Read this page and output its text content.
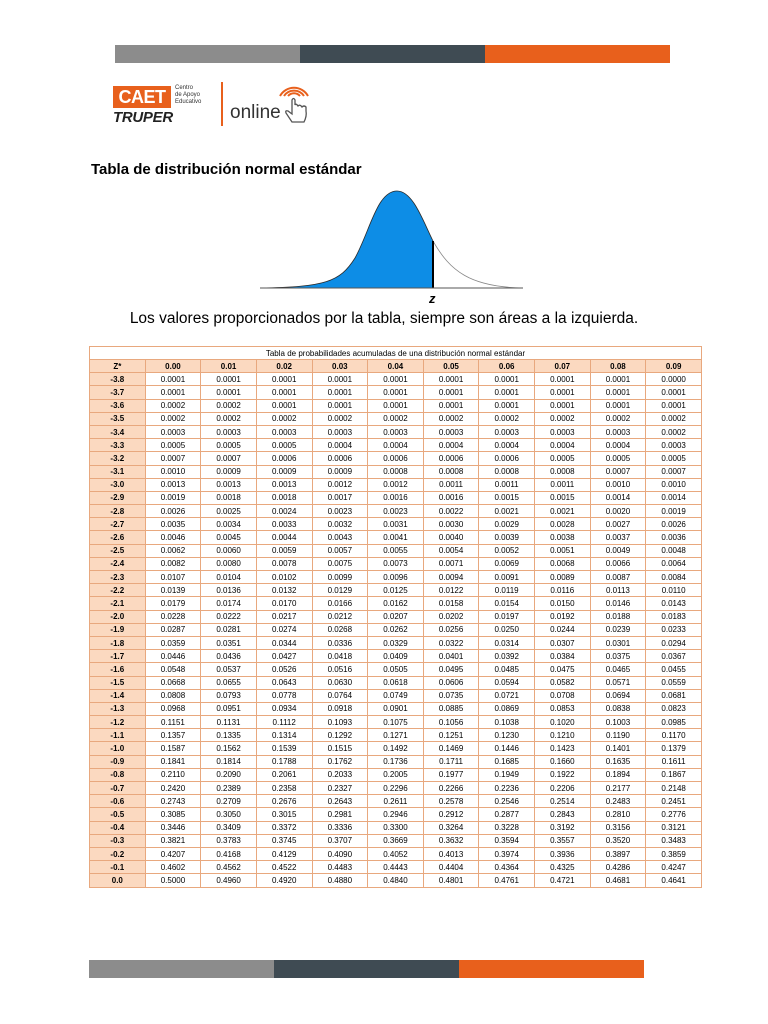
CAET	Centro
de Apoyo
Educativo
TRUPER	online
Tabla de distribución normal estándar
z
Los valores proporcionados por la tabla, siempre son áreas a la izquierda.
Tabla de probabilidades acumuladas de una distribución normal estándar										
Z*	0.00	0.01	0.02	0.03	0.04	0.05	0.06	0.07	0.08	0.09
-3.8	0.0001	0.0001	0.0001	0.0001	0.0001	0.0001	0.0001	0.0001	0.0001	0.0000
-3.7	0.0001	0.0001	0.0001	0.0001	0.0001	0.0001	0.0001	0.0001	0.0001	0.0001
-3.6	0.0002	0.0002	0.0001	0.0001	0.0001	0.0001	0.0001	0.0001	0.0001	0.0001
-3.5	0.0002	0.0002	0.0002	0.0002	0.0002	0.0002	0.0002	0.0002	0.0002	0.0002
-3.4	0.0003	0.0003	0.0003	0.0003	0.0003	0.0003	0.0003	0.0003	0.0003	0.0002
-3.3	0.0005	0.0005	0.0005	0.0004	0.0004	0.0004	0.0004	0.0004	0.0004	0.0003
-3.2	0.0007	0.0007	0.0006	0.0006	0.0006	0.0006	0.0006	0.0005	0.0005	0.0005
-3.1	0.0010	0.0009	0.0009	0.0009	0.0008	0.0008	0.0008	0.0008	0.0007	0.0007
-3.0	0.0013	0.0013	0.0013	0.0012	0.0012	0.0011	0.0011	0.0011	0.0010	0.0010
-2.9	0.0019	0.0018	0.0018	0.0017	0.0016	0.0016	0.0015	0.0015	0.0014	0.0014
-2.8	0.0026	0.0025	0.0024	0.0023	0.0023	0.0022	0.0021	0.0021	0.0020	0.0019
-2.7	0.0035	0.0034	0.0033	0.0032	0.0031	0.0030	0.0029	0.0028	0.0027	0.0026
-2.6	0.0046	0.0045	0.0044	0.0043	0.0041	0.0040	0.0039	0.0038	0.0037	0.0036
-2.5	0.0062	0.0060	0.0059	0.0057	0.0055	0.0054	0.0052	0.0051	0.0049	0.0048
-2.4	0.0082	0.0080	0.0078	0.0075	0.0073	0.0071	0.0069	0.0068	0.0066	0.0064
-2.3	0.0107	0.0104	0.0102	0.0099	0.0096	0.0094	0.0091	0.0089	0.0087	0.0084
-2.2	0.0139	0.0136	0.0132	0.0129	0.0125	0.0122	0.0119	0.0116	0.0113	0.0110
-2.1	0.0179	0.0174	0.0170	0.0166	0.0162	0.0158	0.0154	0.0150	0.0146	0.0143
-2.0	0.0228	0.0222	0.0217	0.0212	0.0207	0.0202	0.0197	0.0192	0.0188	0.0183
-1.9	0.0287	0.0281	0.0274	0.0268	0.0262	0.0256	0.0250	0.0244	0.0239	0.0233
-1.8	0.0359	0.0351	0.0344	0.0336	0.0329	0.0322	0.0314	0.0307	0.0301	0.0294
-1.7	0.0446	0.0436	0.0427	0.0418	0.0409	0.0401	0.0392	0.0384	0.0375	0.0367
-1.6	0.0548	0.0537	0.0526	0.0516	0.0505	0.0495	0.0485	0.0475	0.0465	0.0455
-1.5	0.0668	0.0655	0.0643	0.0630	0.0618	0.0606	0.0594	0.0582	0.0571	0.0559
-1.4	0.0808	0.0793	0.0778	0.0764	0.0749	0.0735	0.0721	0.0708	0.0694	0.0681
-1.3	0.0968	0.0951	0.0934	0.0918	0.0901	0.0885	0.0869	0.0853	0.0838	0.0823
-1.2	0.1151	0.1131	0.1112	0.1093	0.1075	0.1056	0.1038	0.1020	0.1003	0.0985
-1.1	0.1357	0.1335	0.1314	0.1292	0.1271	0.1251	0.1230	0.1210	0.1190	0.1170
-1.0	0.1587	0.1562	0.1539	0.1515	0.1492	0.1469	0.1446	0.1423	0.1401	0.1379
-0.9	0.1841	0.1814	0.1788	0.1762	0.1736	0.1711	0.1685	0.1660	0.1635	0.1611
-0.8	0.2110	0.2090	0.2061	0.2033	0.2005	0.1977	0.1949	0.1922	0.1894	0.1867
-0.7	0.2420	0.2389	0.2358	0.2327	0.2296	0.2266	0.2236	0.2206	0.2177	0.2148
-0.6	0.2743	0.2709	0.2676	0.2643	0.2611	0.2578	0.2546	0.2514	0.2483	0.2451
-0.5	0.3085	0.3050	0.3015	0.2981	0.2946	0.2912	0.2877	0.2843	0.2810	0.2776
-0.4	0.3446	0.3409	0.3372	0.3336	0.3300	0.3264	0.3228	0.3192	0.3156	0.3121
-0.3	0.3821	0.3783	0.3745	0.3707	0.3669	0.3632	0.3594	0.3557	0.3520	0.3483
-0.2	0.4207	0.4168	0.4129	0.4090	0.4052	0.4013	0.3974	0.3936	0.3897	0.3859
-0.1	0.4602	0.4562	0.4522	0.4483	0.4443	0.4404	0.4364	0.4325	0.4286	0.4247
0.0	0.5000	0.4960	0.4920	0.4880	0.4840	0.4801	0.4761	0.4721	0.4681	0.4641
